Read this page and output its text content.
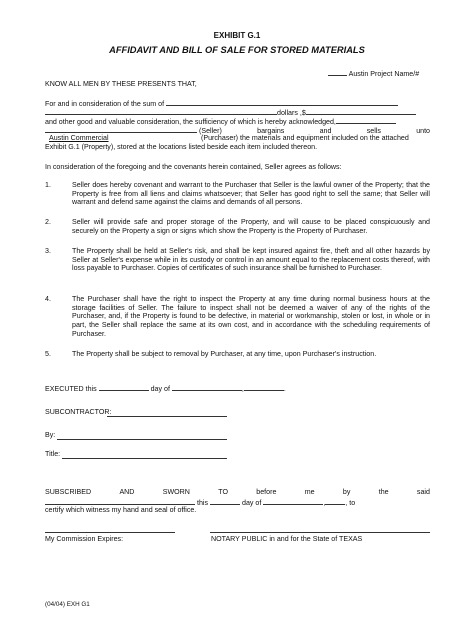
EXHIBIT G.1
AFFIDAVIT AND BILL OF SALE FOR STORED MATERIALS
Austin Project Name/#
KNOW ALL MEN BY THESE PRESENTS THAT,
For and in consideration of the sum of
dollars ,$
and other good and valuable consideration, the sufficiency of which is hereby acknowledged,
(Seller)	bargains	and	sells	unto
Austin Commercial	(Purchaser) the materials and equipment included on the attached
Exhibit G.1 (Property), stored at the locations listed beside each item included thereon.
In consideration of the foregoing and the covenants herein contained, Seller agrees as follows:
1.	Seller does hereby covenant and warrant to the Purchaser that Seller is the lawful owner of the Property; that the Property is free from all liens and claims whatsoever; that Seller has good right to sell the same; that Seller will warrant and defend same against the claims and demands of all persons.
2.	Seller will provide safe and proper storage of the Property, and will cause to be placed conspicuously and securely on the Property a sign or signs which show the Property is the Property of Purchaser.
3.	The Property shall be held at Seller's risk, and shall be kept insured against fire, theft and all other hazards by Seller at Seller's expense while in its custody or control in an amount equal to the replacement costs thereof, with loss payable to Purchaser. Copies of certificates of such insurance shall be furnished to Purchaser.
4.	The Purchaser shall have the right to inspect the Property at any time during normal business hours at the storage facilities of Seller. The failure to inspect shall not be deemed a waiver of any of the rights of the Purchaser, and, if the Property is found to be defective, in material or workmanship, stolen or lost, in whole or in part, the Seller shall replace the same at its own cost, and in accordance with the scheduling requirements of Purchaser.
5.	The Property shall be subject to removal by Purchaser, at any time, upon Purchaser's instruction.
EXECUTED this	day of	,	.
SUBCONTRACTOR:
By:
Title:
SUBSCRIBED	AND	SWORN	TO	before	me	by	the	said
this	day of	,	, to
certify which witness my hand and seal of office.
My Commission Expires:	NOTARY PUBLIC in and for the State of TEXAS
(04/04) EXH G1
